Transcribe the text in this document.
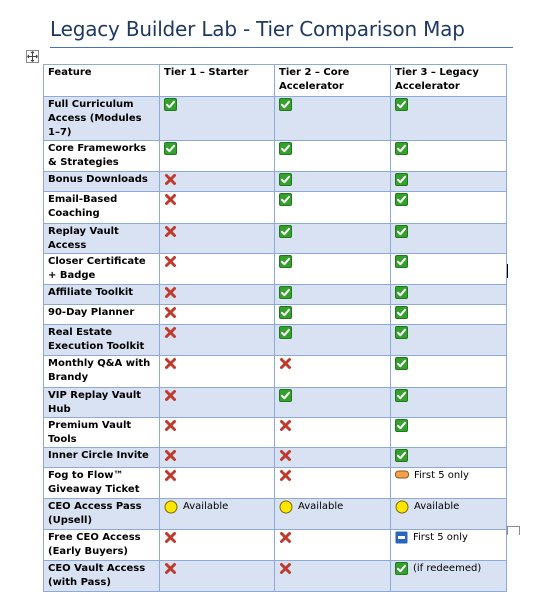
Legacy Builder Lab - Tier Comparison Map
Feature	Tier 1 – Starter	Tier 2 – Core Accelerator	Tier 3 – Legacy Accelerator
Full Curriculum Access (Modules 1–7)	

Core Frameworks & Strategies	

Bonus Downloads	

Email-Based Coaching	

Replay Vault Access	

Closer Certificate + Badge	

Affiliate Toolkit	

90-Day Planner	

Real Estate Execution Toolkit	

Monthly Q&A with Brandy	

VIP Replay Vault Hub	

Premium Vault Tools	

Inner Circle Invite	

Fog to Flow™ Giveaway Ticket			First 5 only

CEO Access Pass (Upsell)	Available	Available	Available

Free CEO Access (Early Buyers)			First 5 only

CEO Vault Access (with Pass)			(if redeemed)
